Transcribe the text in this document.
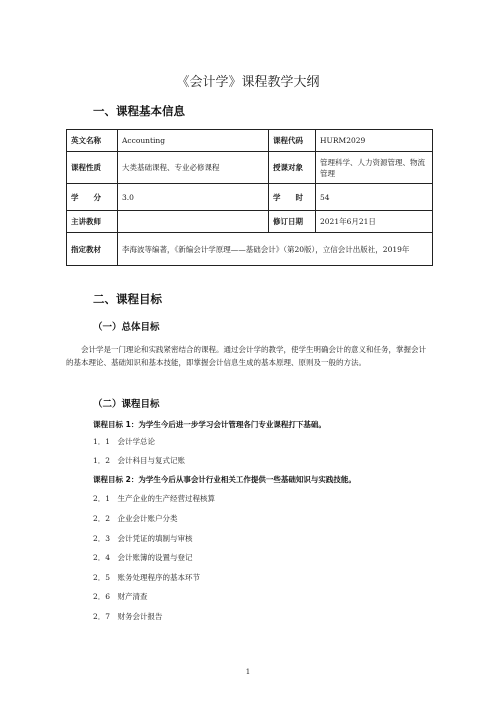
《会计学》课程教学大纲
一、课程基本信息
英文名称	Accounting	课程代码	HURM2029
课程性质	大类基础课程、专业必修课程	授课对象	管理科学、人力资源管理、物流管理
学　　分	3.0	学　　时	54
主讲教师		修订日期	2021年6月21日
指定教材	李海波等编著，《新编会计学原理——基础会计》（第20版），立信会计出版社，2019年		
二、课程目标
（一）总体目标
会计学是一门理论和实践紧密结合的课程。通过会计学的教学，使学生明确会计的意义和任务，掌握会计的基本理论、基础知识和基本技能，即掌握会计信息生成的基本原理、原则及一般的方法。
（二）课程目标
课程目标 1：为学生今后进一步学习会计管理各门专业课程打下基础。
1．1　会计学总论
1．2　会计科目与复式记账
课程目标 2：为学生今后从事会计行业相关工作提供一些基础知识与实践技能。
2．1　生产企业的生产经营过程核算
2．2　企业会计账户分类
2．3　会计凭证的填制与审核
2．4　会计账簿的设置与登记
2．5　账务处理程序的基本环节
2．6　财产清查
2．7　财务会计报告
1
